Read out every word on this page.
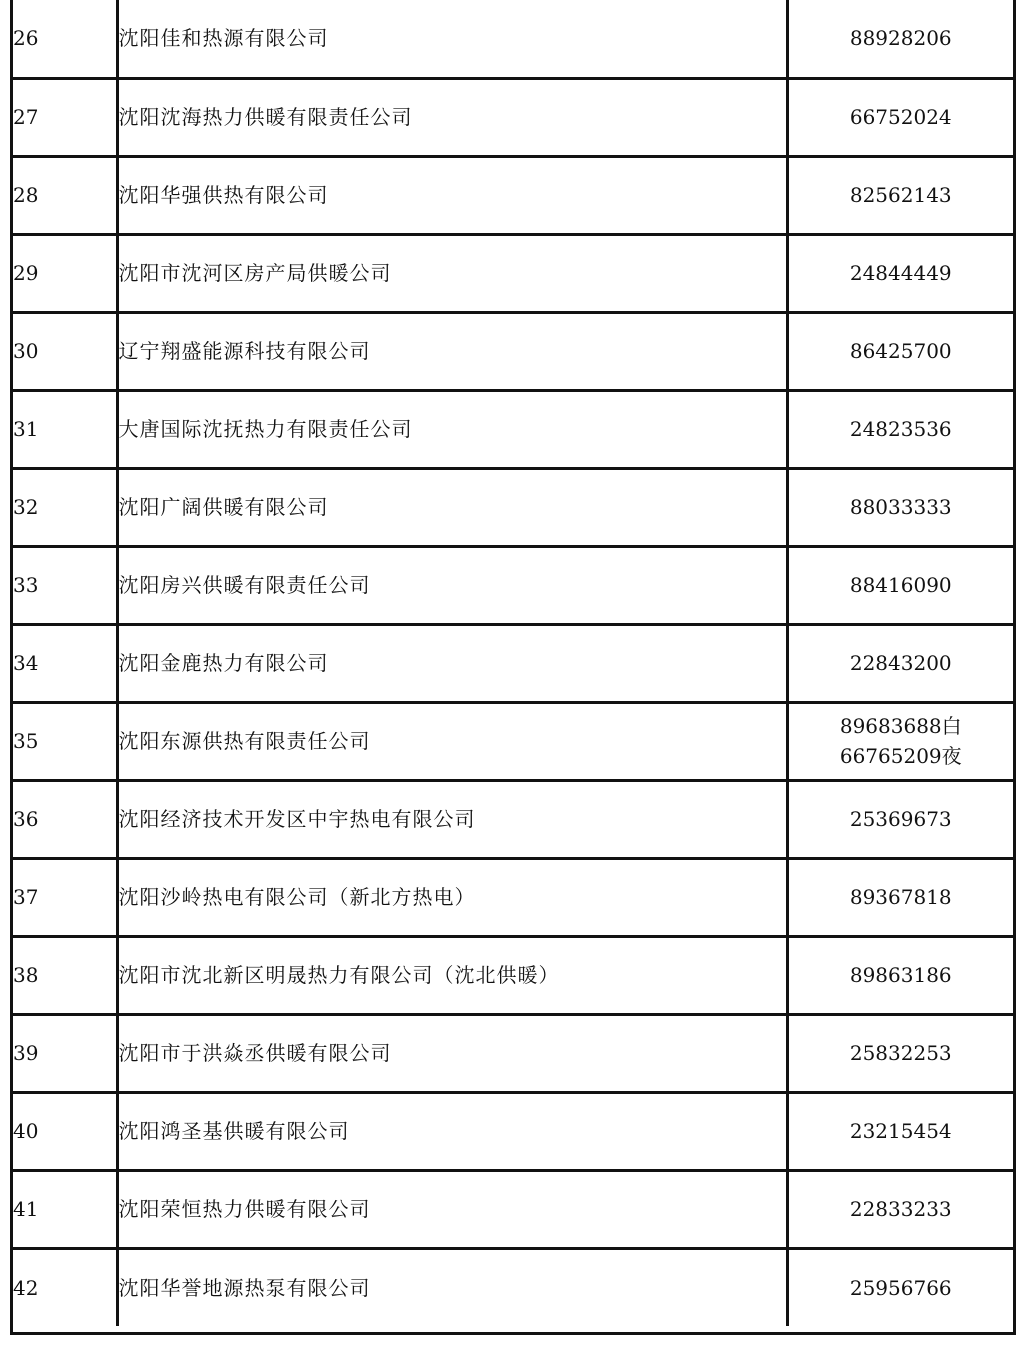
26	沈阳佳和热源有限公司	88928206

27	沈阳沈海热力供暖有限责任公司	66752024

28	沈阳华强供热有限公司	82562143

29	沈阳市沈河区房产局供暖公司	24844449

30	辽宁翔盛能源科技有限公司	86425700

31	大唐国际沈抚热力有限责任公司	24823536

32	沈阳广阔供暖有限公司	88033333

33	沈阳房兴供暖有限责任公司	88416090

34	沈阳金鹿热力有限公司	22843200

35	沈阳东源供热有限责任公司	89683688白
66765209夜

36	沈阳经济技术开发区中宇热电有限公司	25369673

37	沈阳沙岭热电有限公司（新北方热电）	89367818

38	沈阳市沈北新区明晟热力有限公司（沈北供暖）	89863186

39	沈阳市于洪焱丞供暖有限公司	25832253

40	沈阳鸿圣基供暖有限公司	23215454

41	沈阳荣恒热力供暖有限公司	22833233

42	沈阳华誉地源热泵有限公司	25956766
